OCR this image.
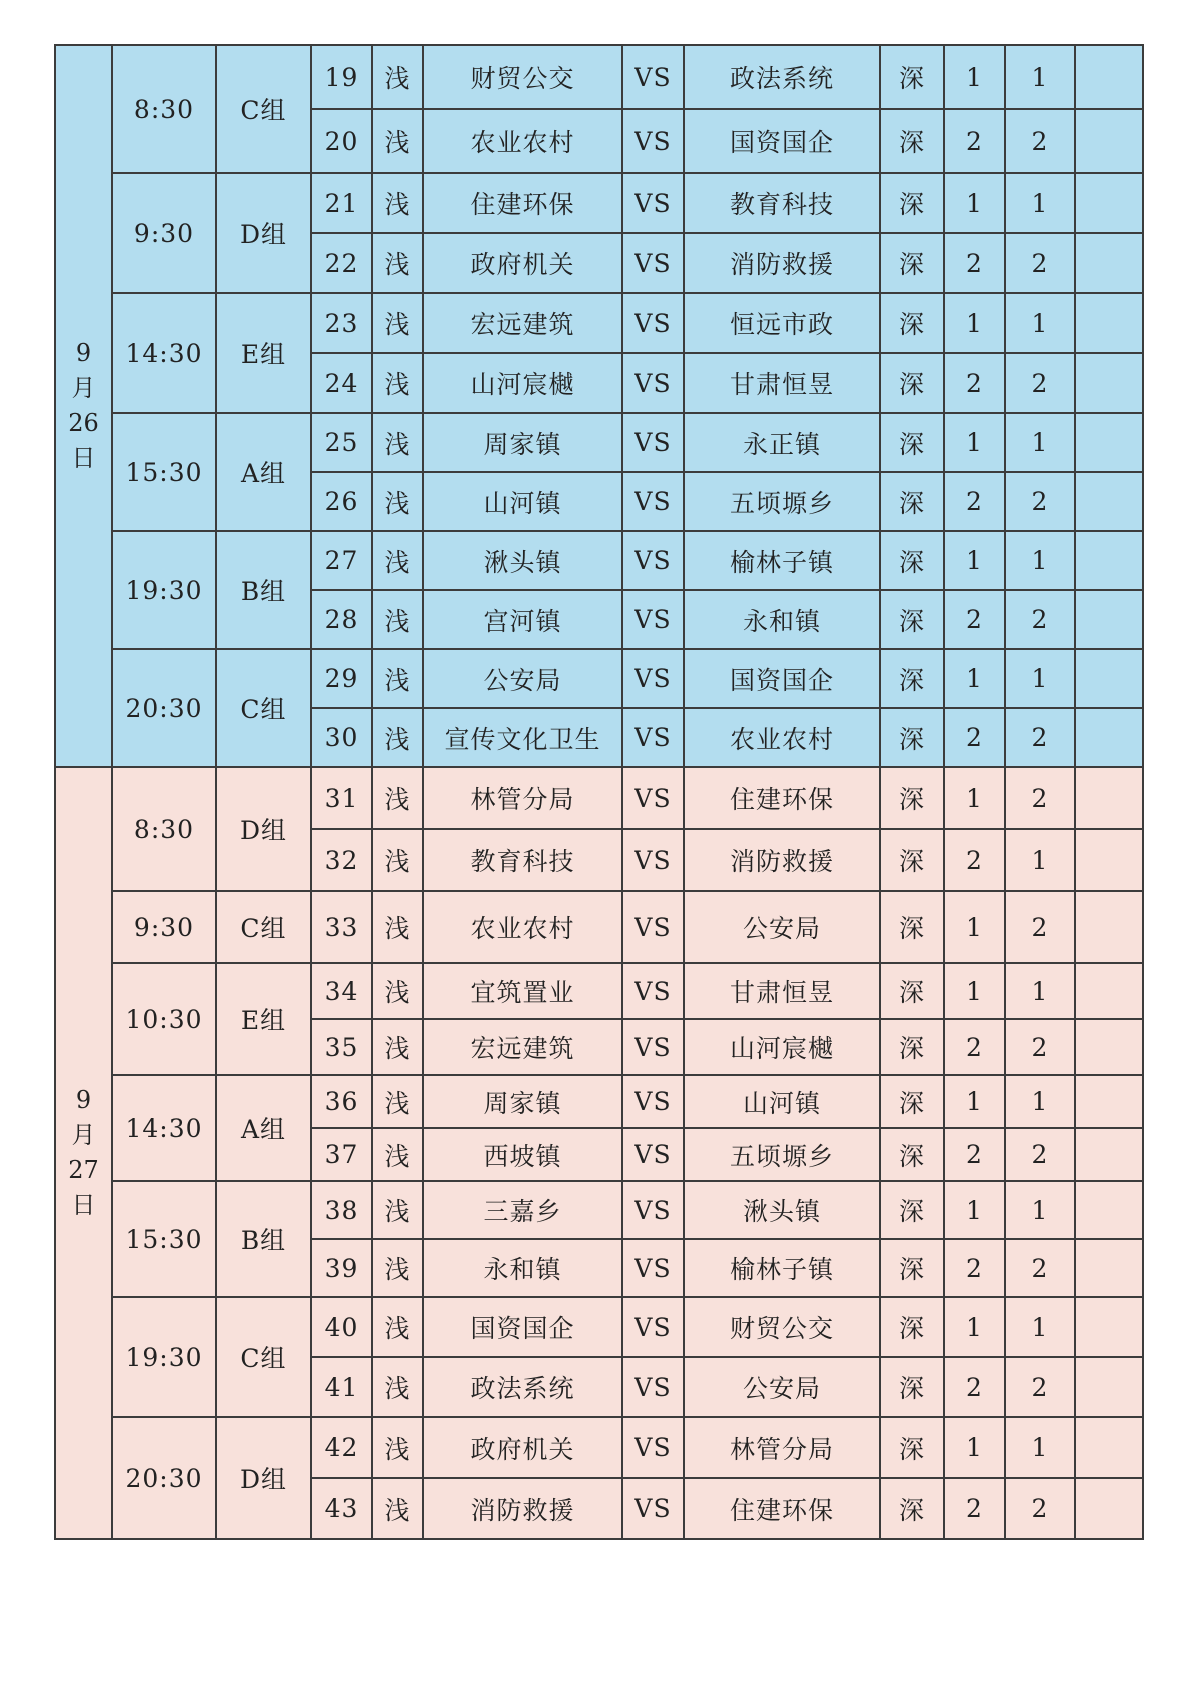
9
月
26
日	8:30	C组	19	浅	财贸公交	VS	政法系统	深	1	1	
			20	浅	农业农村	VS	国资国企	深	2	2	
	9:30	D组	21	浅	住建环保	VS	教育科技	深	1	1	
			22	浅	政府机关	VS	消防救援	深	2	2	
	14:30	E组	23	浅	宏远建筑	VS	恒远市政	深	1	1	
			24	浅	山河宸樾	VS	甘肃恒昱	深	2	2	
	15:30	A组	25	浅	周家镇	VS	永正镇	深	1	1	
			26	浅	山河镇	VS	五顷塬乡	深	2	2	
	19:30	B组	27	浅	湫头镇	VS	榆林子镇	深	1	1	
			28	浅	宫河镇	VS	永和镇	深	2	2	
	20:30	C组	29	浅	公安局	VS	国资国企	深	1	1	
			30	浅	宣传文化卫生	VS	农业农村	深	2	2	

9
月
27
日	8:30	D组	31	浅	林管分局	VS	住建环保	深	1	2	
			32	浅	教育科技	VS	消防救援	深	2	1	
	9:30	C组	33	浅	农业农村	VS	公安局	深	1	2	
	10:30	E组	34	浅	宜筑置业	VS	甘肃恒昱	深	1	1	
			35	浅	宏远建筑	VS	山河宸樾	深	2	2	
	14:30	A组	36	浅	周家镇	VS	山河镇	深	1	1	
			37	浅	西坡镇	VS	五顷塬乡	深	2	2	
	15:30	B组	38	浅	三嘉乡	VS	湫头镇	深	1	1	
			39	浅	永和镇	VS	榆林子镇	深	2	2	
	19:30	C组	40	浅	国资国企	VS	财贸公交	深	1	1	
			41	浅	政法系统	VS	公安局	深	2	2	
	20:30	D组	42	浅	政府机关	VS	林管分局	深	1	1	
			43	浅	消防救援	VS	住建环保	深	2	2	
